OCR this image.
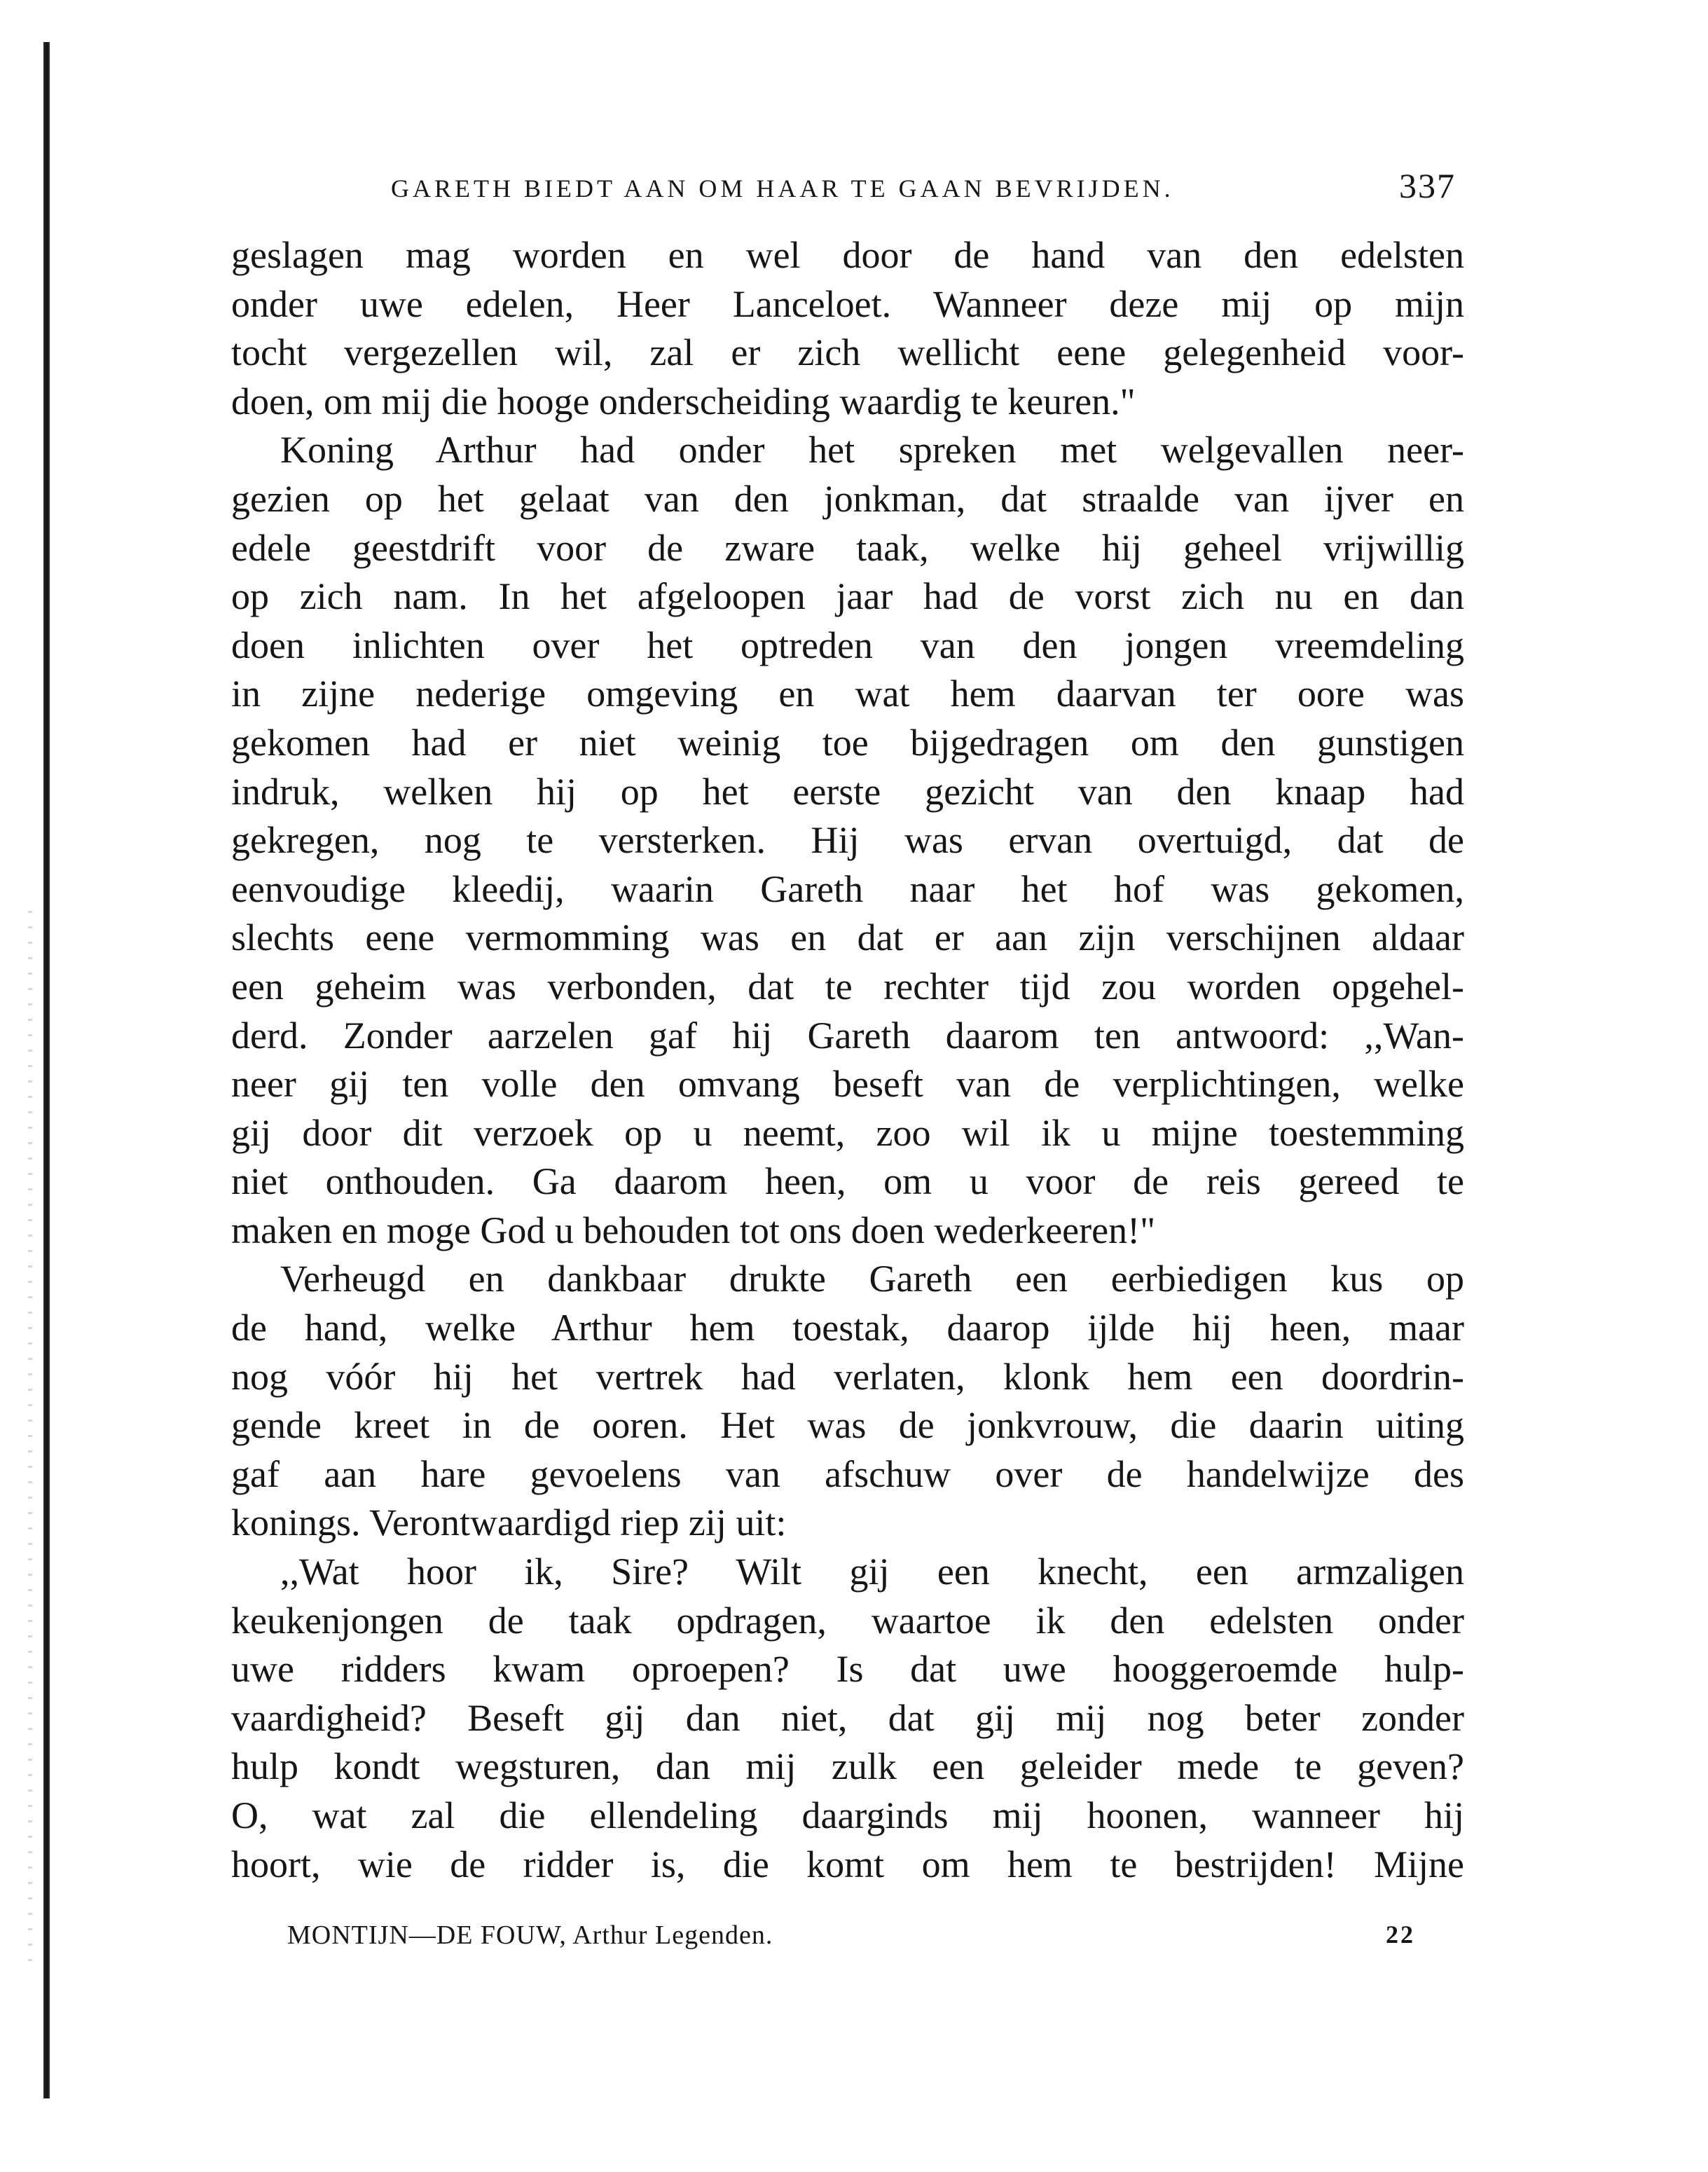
GARETH BIEDT AAN OM HAAR TE GAAN BEVRIJDEN.	337
geslagen mag worden en wel door de hand van den edelsten
onder uwe edelen, Heer Lanceloet. Wanneer deze mij op mijn
tocht vergezellen wil, zal er zich wellicht eene gelegenheid voor-
doen, om mij die hooge onderscheiding waardig te keuren."
Koning Arthur had onder het spreken met welgevallen neer-
gezien op het gelaat van den jonkman, dat straalde van ijver en
edele geestdrift voor de zware taak, welke hij geheel vrijwillig
op zich nam. In het afgeloopen jaar had de vorst zich nu en dan
doen inlichten over het optreden van den jongen vreemdeling
in zijne nederige omgeving en wat hem daarvan ter oore was
gekomen had er niet weinig toe bijgedragen om den gunstigen
indruk, welken hij op het eerste gezicht van den knaap had
gekregen, nog te versterken. Hij was ervan overtuigd, dat de
eenvoudige kleedij, waarin Gareth naar het hof was gekomen,
slechts eene vermomming was en dat er aan zijn verschijnen aldaar
een geheim was verbonden, dat te rechter tijd zou worden opgehel-
derd. Zonder aarzelen gaf hij Gareth daarom ten antwoord: ,,Wan-
neer gij ten volle den omvang beseft van de verplichtingen, welke
gij door dit verzoek op u neemt, zoo wil ik u mijne toestemming
niet onthouden. Ga daarom heen, om u voor de reis gereed te
maken en moge God u behouden tot ons doen wederkeeren!"
Verheugd en dankbaar drukte Gareth een eerbiedigen kus op
de hand, welke Arthur hem toestak, daarop ijlde hij heen, maar
nog vóór hij het vertrek had verlaten, klonk hem een doordrin-
gende kreet in de ooren. Het was de jonkvrouw, die daarin uiting
gaf aan hare gevoelens van afschuw over de handelwijze des
konings. Verontwaardigd riep zij uit:
,,Wat hoor ik, Sire? Wilt gij een knecht, een armzaligen
keukenjongen de taak opdragen, waartoe ik den edelsten onder
uwe ridders kwam oproepen? Is dat uwe hooggeroemde hulp-
vaardigheid? Beseft gij dan niet, dat gij mij nog beter zonder
hulp kondt wegsturen, dan mij zulk een geleider mede te geven?
O, wat zal die ellendeling daarginds mij hoonen, wanneer hij
hoort, wie de ridder is, die komt om hem te bestrijden! Mijne
MONTIJN—DE FOUW, Arthur Legenden.	22
